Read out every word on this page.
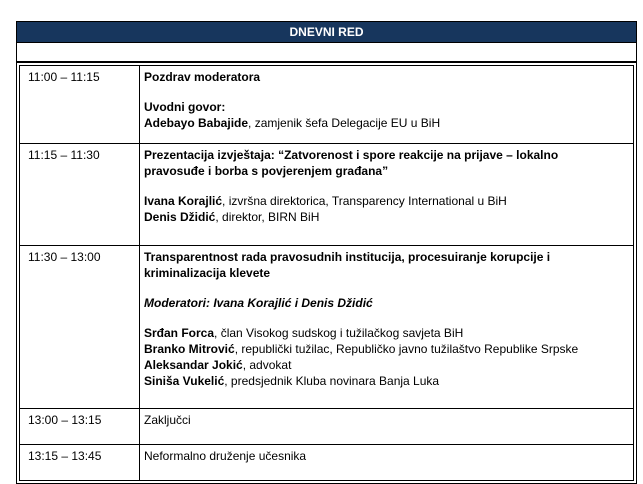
DNEVNI RED
11:00 – 11:15	Pozdrav moderatora
Uvodni govor:
Adebayo Babajide, zamjenik šefa Delegacije EU u BiH
11:15 – 11:30	Prezentacija izvještaja: “Zatvorenost i spore reakcije na prijave – lokalno
pravosuđe i borba s povjerenjem građana”
Ivana Korajlić, izvršna direktorica, Transparency International u BiH
Denis Džidić, direktor, BIRN BiH
11:30 – 13:00	Transparentnost rada pravosudnih institucija, procesuiranje korupcije i
kriminalizacija klevete
Moderatori: Ivana Korajlić i Denis Džidić
Srđan Forca, član Visokog sudskog i tužilačkog savjeta BiH
Branko Mitrović, republički tužilac, Republičko javno tužilaštvo Republike Srpske
Aleksandar Jokić, advokat
Siniša Vukelić, predsjednik Kluba novinara Banja Luka
13:00 – 13:15	Zaključci
13:15 – 13:45	Neformalno druženje učesnika
